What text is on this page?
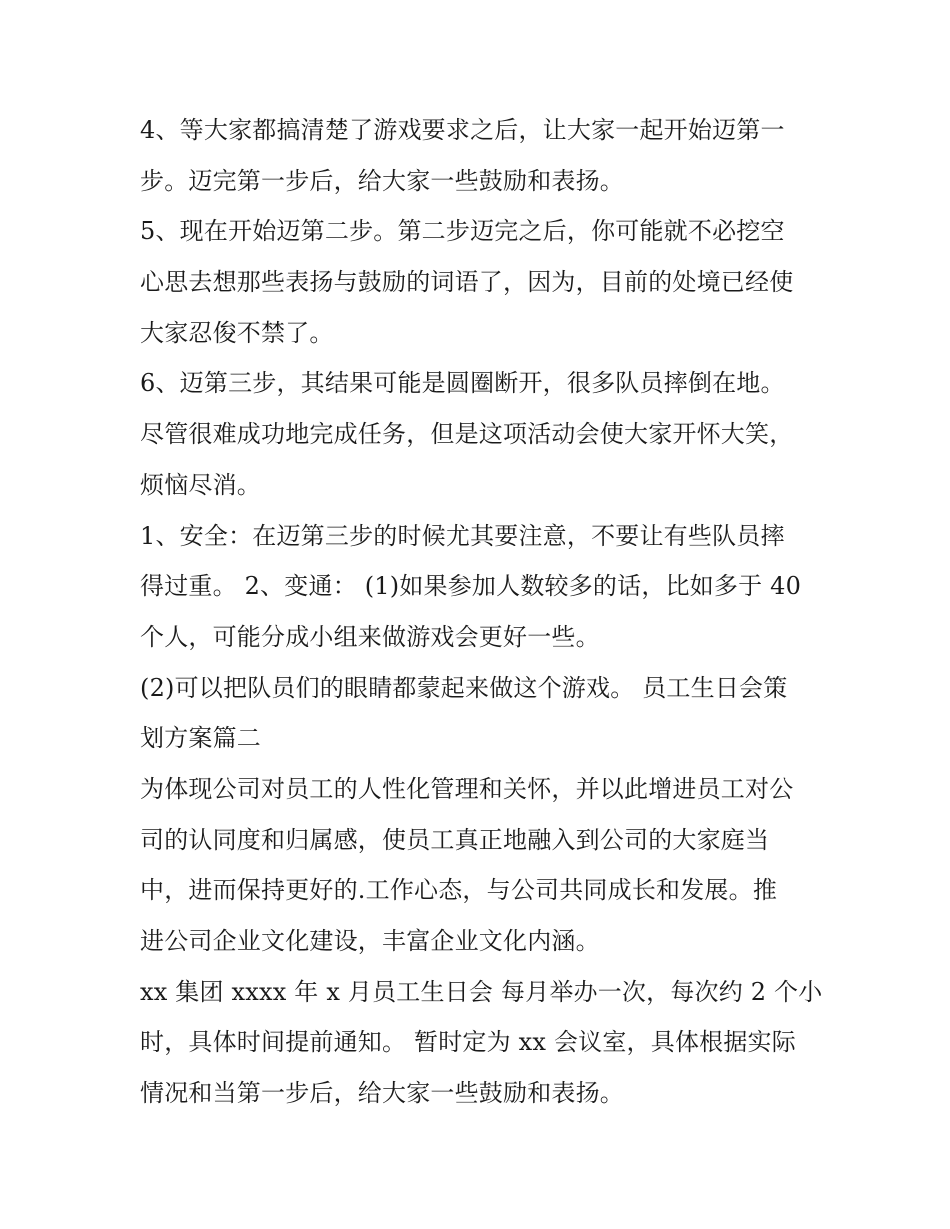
4、等大家都搞清楚了游戏要求之后，让大家一起开始迈第一
步。迈完第一步后，给大家一些鼓励和表扬。
5、现在开始迈第二步。第二步迈完之后，你可能就不必挖空
心思去想那些表扬与鼓励的词语了，因为，目前的处境已经使
大家忍俊不禁了。
6、迈第三步，其结果可能是圆圈断开，很多队员摔倒在地。
尽管很难成功地完成任务，但是这项活动会使大家开怀大笑，
烦恼尽消。
1、安全：在迈第三步的时候尤其要注意，不要让有些队员摔
得过重。 2、变通： (1)如果参加人数较多的话，比如多于 40
个人，可能分成小组来做游戏会更好一些。
(2)可以把队员们的眼睛都蒙起来做这个游戏。 员工生日会策
划方案篇二
为体现公司对员工的人性化管理和关怀，并以此增进员工对公
司的认同度和归属感，使员工真正地融入到公司的大家庭当
中，进而保持更好的.工作心态，与公司共同成长和发展。推
进公司企业文化建设，丰富企业文化内涵。
xx 集团 xxxx 年 x 月员工生日会 每月举办一次，每次约 2 个小
时，具体时间提前通知。 暂时定为 xx 会议室，具体根据实际
情况和当第一步后，给大家一些鼓励和表扬。
